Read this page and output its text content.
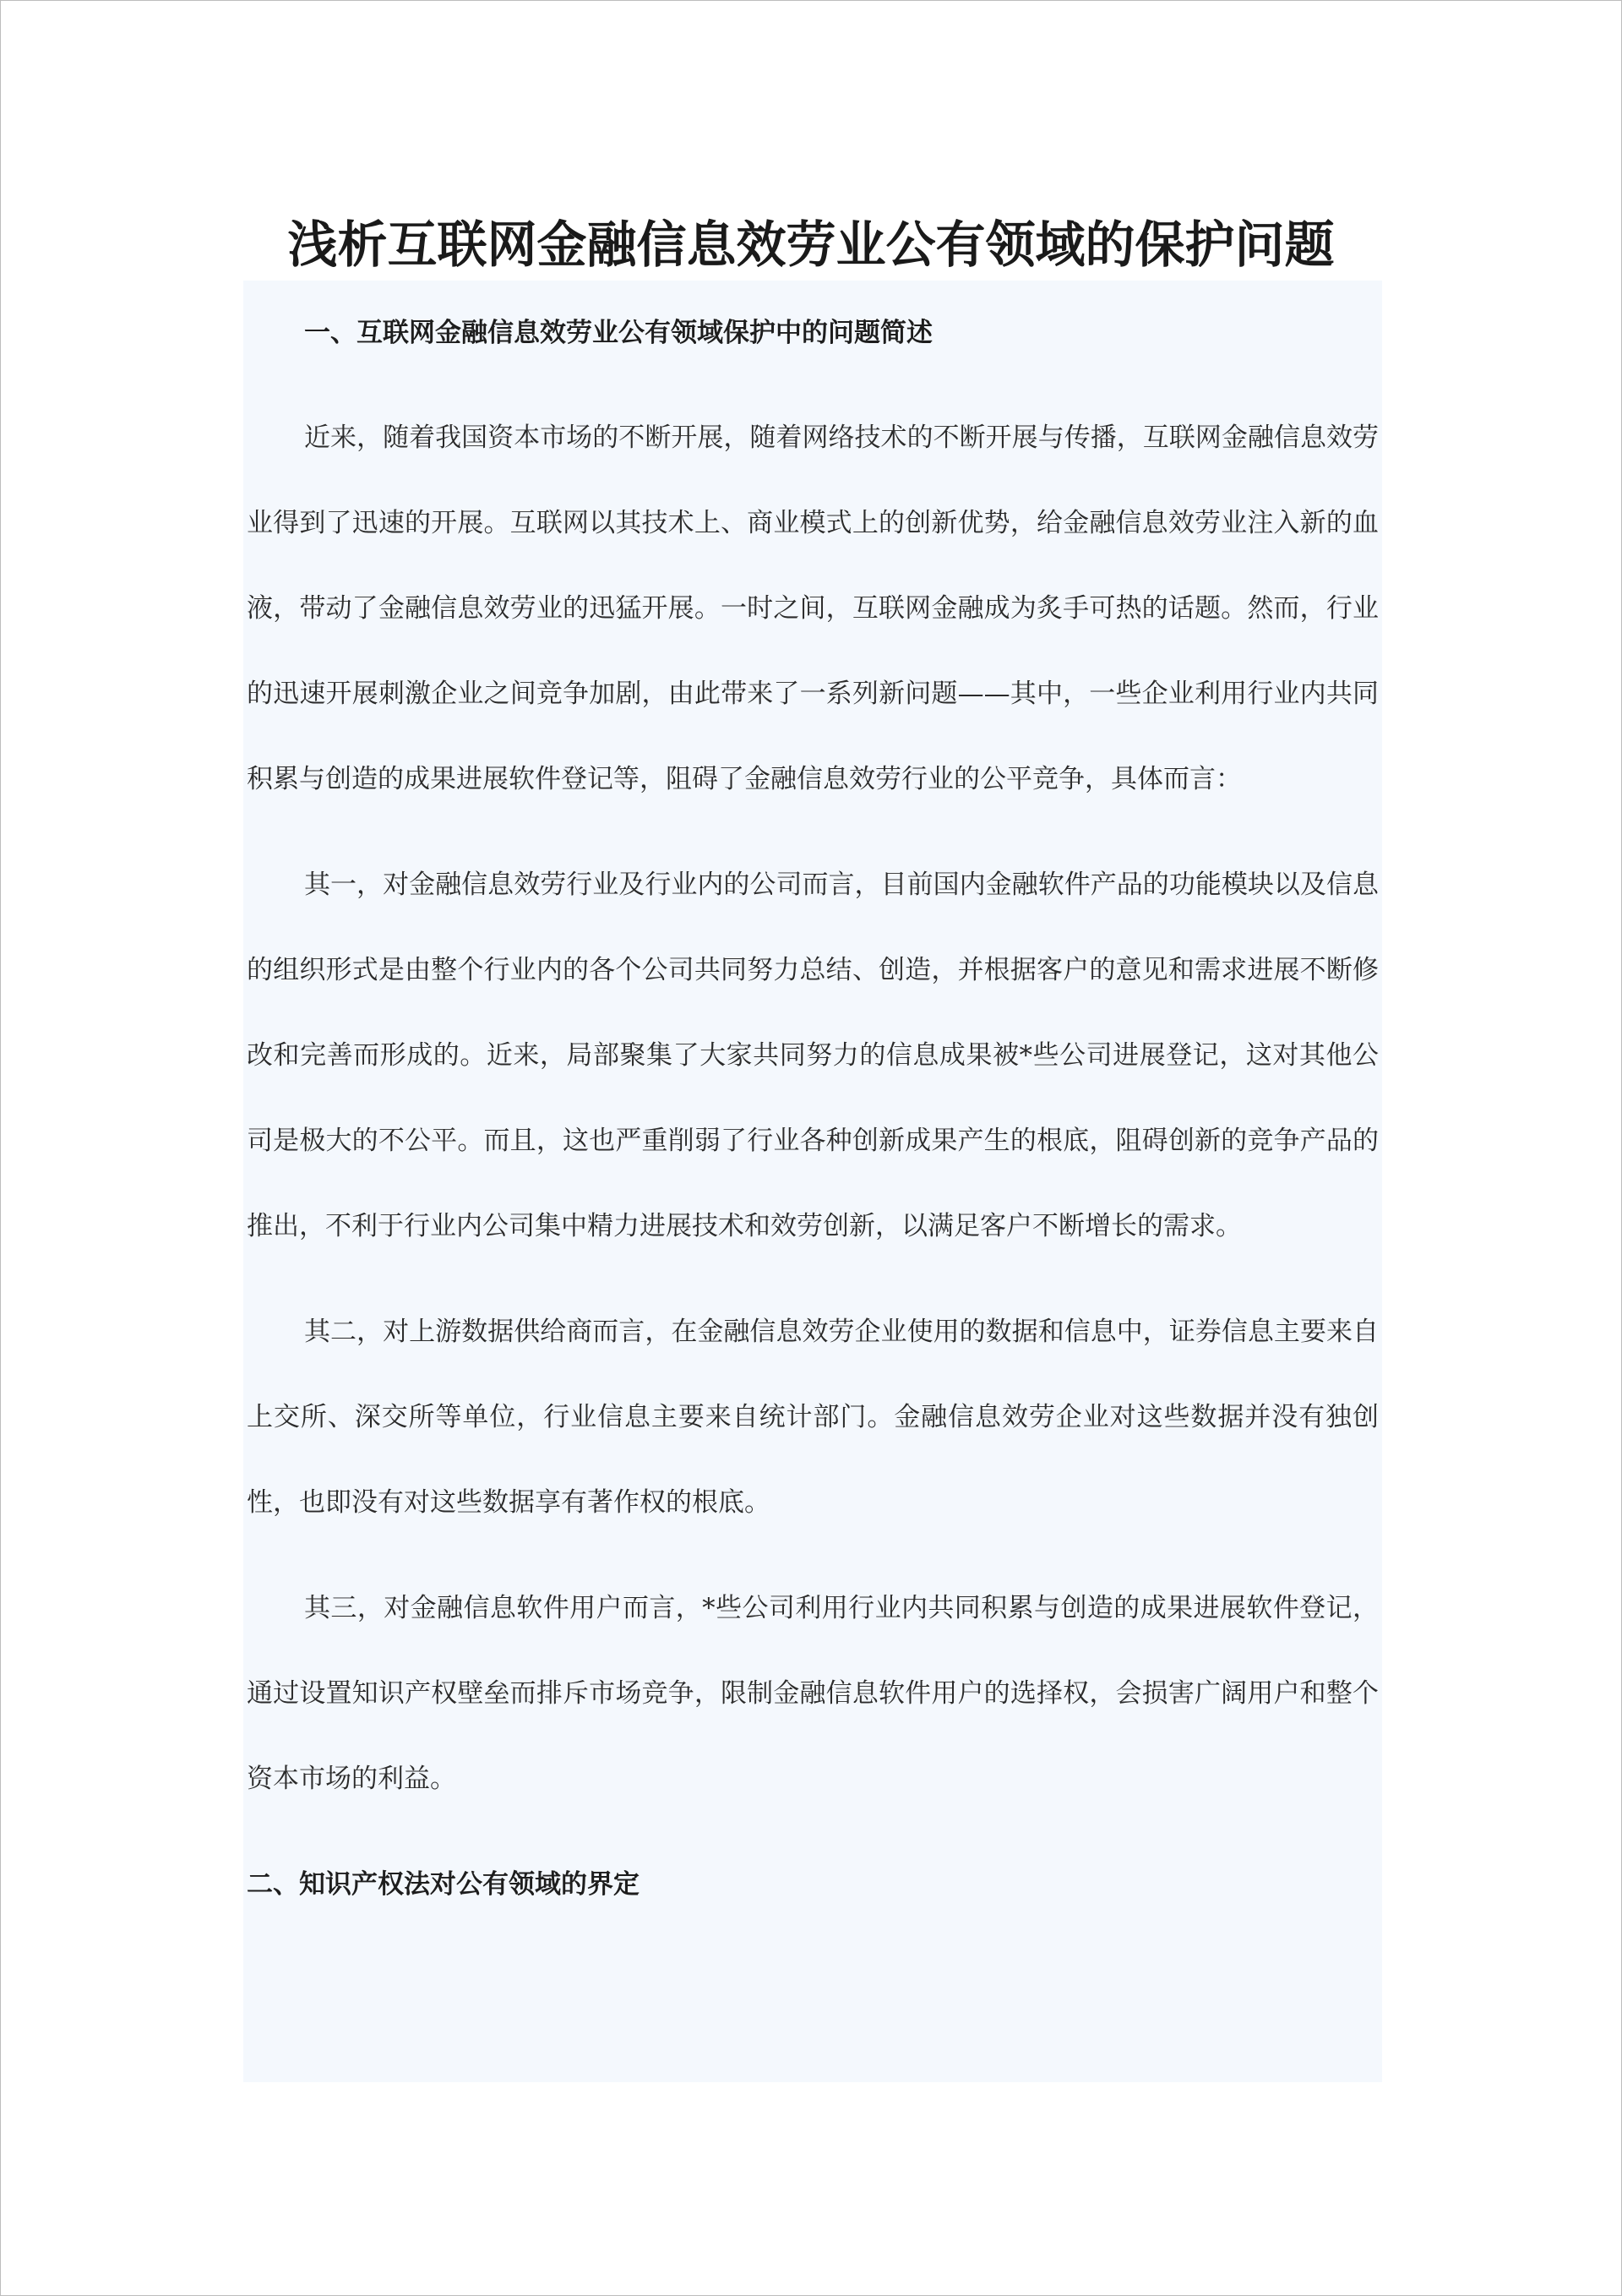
浅析互联网金融信息效劳业公有领域的保护问题
一、互联网金融信息效劳业公有领域保护中的问题简述

近来，随着我国资本市场的不断开展，随着网络技术的不断开展与传播，互联网金融信息效劳业得到了迅速的开展。互联网以其技术上、商业模式上的创新优势，给金融信息效劳业注入新的血液，带动了金融信息效劳业的迅猛开展。一时之间，互联网金融成为炙手可热的话题。然而，行业的迅速开展刺激企业之间竞争加剧，由此带来了一系列新问题——其中，一些企业利用行业内共同积累与创造的成果进展软件登记等，阻碍了金融信息效劳行业的公平竞争，具体而言：

其一，对金融信息效劳行业及行业内的公司而言，目前国内金融软件产品的功能模块以及信息的组织形式是由整个行业内的各个公司共同努力总结、创造，并根据客户的意见和需求进展不断修改和完善而形成的。近来，局部聚集了大家共同努力的信息成果被*些公司进展登记，这对其他公司是极大的不公平。而且，这也严重削弱了行业各种创新成果产生的根底，阻碍创新的竞争产品的推出，不利于行业内公司集中精力进展技术和效劳创新，以满足客户不断增长的需求。

其二，对上游数据供给商而言，在金融信息效劳企业使用的数据和信息中，证券信息主要来自上交所、深交所等单位，行业信息主要来自统计部门。金融信息效劳企业对这些数据并没有独创性，也即没有对这些数据享有著作权的根底。

其三，对金融信息软件用户而言，*些公司利用行业内共同积累与创造的成果进展软件登记，通过设置知识产权壁垒而排斥市场竞争，限制金融信息软件用户的选择权，会损害广阔用户和整个资本市场的利益。

二、知识产权法对公有领域的界定
